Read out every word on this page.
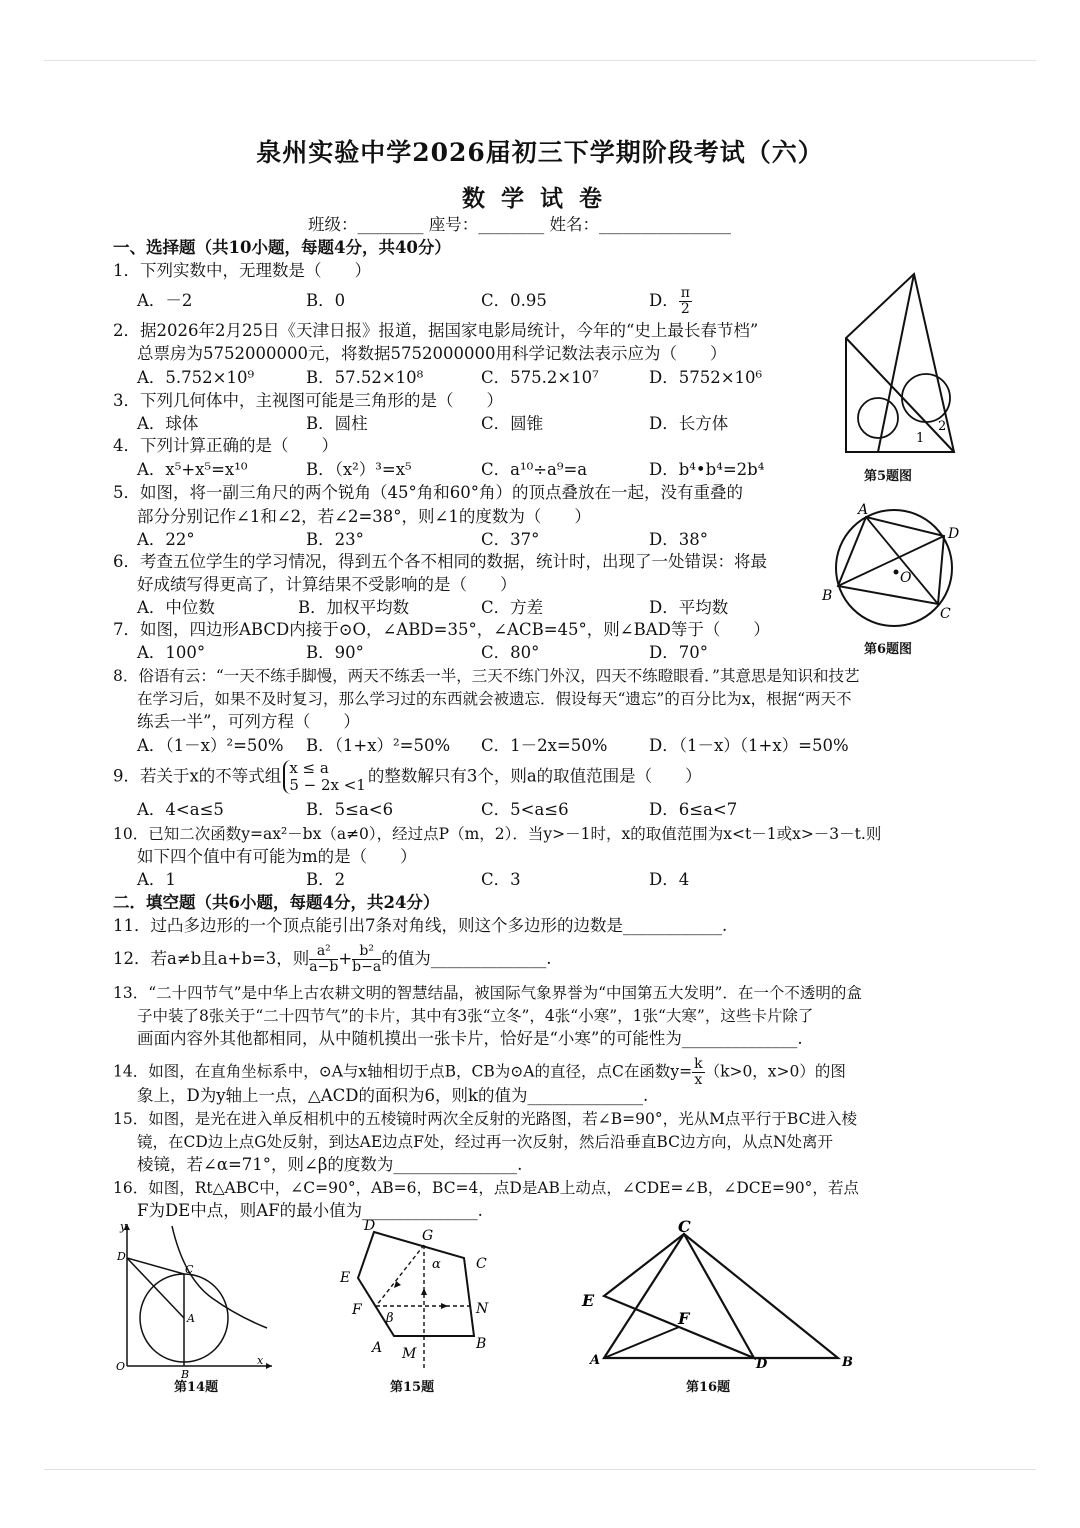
泉州实验中学2026届初三下学期阶段考试（六）
数学试卷
班级：________ 座号：________ 姓名：________________
一、选择题（共10小题，每题4分，共40分）
1．下列实数中，无理数是（　　）
A．－2	B．0	C．0.95	D． $\frac{\pi}{2}$
2．据2026年2月25日《天津日报》报道，据国家电影局统计，今年的“史上最长春节档”
总票房为5752000000元，将数据5752000000用科学记数法表示应为（　　）
A．5.752×10⁹	B．57.52×10⁸	C．575.2×10⁷	D．5752×10⁶
3．下列几何体中，主视图可能是三角形的是（　　）
A．球体	B．圆柱	C．圆锥	D．长方体
4．下列计算正确的是（　　）
A．x⁵+x⁵=x¹⁰	B．（x²）³=x⁵	C．a¹⁰÷a⁹=a	D．b⁴•b⁴=2b⁴
5．如图，将一副三角尺的两个锐角（45°角和60°角）的顶点叠放在一起，没有重叠的
部分分别记作∠1和∠2，若∠2=38°，则∠1的度数为（　　）
A．22°	B．23°	C．37°	D．38°
6．考查五位学生的学习情况，得到五个各不相同的数据，统计时，出现了一处错误：将最
好成绩写得更高了，计算结果不受影响的是（　　）
A．中位数	B．加权平均数	C．方差	D．平均数
7．如图，四边形ABCD内接于⊙O，∠ABD=35°，∠ACB=45°，则∠BAD等于（　　）
A．100°	B．90°	C．80°	D．70°
8．俗语有云：“一天不练手脚慢，两天不练丢一半，三天不练门外汉，四天不练瞪眼看．”其意思是知识和技艺
在学习后，如果不及时复习，那么学习过的东西就会被遗忘．假设每天“遗忘”的百分比为x，根据“两天不
练丢一半”，可列方程（　　）
A．（1－x）²=50% B．（1+x）²=50% C．1－2x=50%	D．（1－x）（1+x）=50%
9．若关于x的不等式组 x ≤ a
5 − 2x <1 的整数解只有3个，则a的取值范围是（　　）
A．4<a≤5	B．5≤a<6	C．5<a≤6	D．6≤a<7
10．已知二次函数y=ax²－bx（a≠0），经过点P（m，2）．当y>－1时，x的取值范围为x<t－1或x>－3－t.则
如下四个值中有可能为m的是（　　）
A．1	B．2	C．3	D．4
二．填空题（共6小题，每题4分，共24分）
11．过凸多边形的一个顶点能引出7条对角线，则这个多边形的边数是____________.
12．若a≠b且a+b=3，则 $\frac{\text{a²}}{a-b} + \frac{\text{b²}}{b-a}$ 的值为______________.
13．“二十四节气”是中华上古农耕文明的智慧结晶，被国际气象界誉为“中国第五大发明”．在一个不透明的盒
子中装了8张关于“二十四节气”的卡片，其中有3张“立冬”，4张“小寒”，1张“大寒”，这些卡片除了
画面内容外其他都相同，从中随机摸出一张卡片，恰好是“小寒”的可能性为______________.
14．如图，在直角坐标系中，⊙A与x轴相切于点B，CB为⊙A的直径，点C在函数$y= \frac{k}{x} (k>0$，x>0）的图
象上，D为y轴上一点，△ACD的面积为6，则k的值为______________.
15．如图，是光在进入单反相机中的五棱镜时两次全反射的光路图，若∠B=90°，光从M点平行于BC进入棱
镜，在CD边上点G处反射，到达AE边点F处，经过再一次反射，然后沿垂直BC边方向，从点N处离开
棱镜，若∠α=71°，则∠β的度数为_______________.
16．如图，Rt△ABC中，∠C=90°，AB=6，BC=4，点D是AB上动点，∠CDE=∠B，∠DCE=90°，若点
F为DE中点，则AF的最小值为______________.
1
2
第5题图
A
D
B
C
O
第6题图
y
x
O
D
C
A
B
第14题
D
G
C
E
F	N
A M
B
α
β
第15题
C
E
F
A	D	B
第16题
